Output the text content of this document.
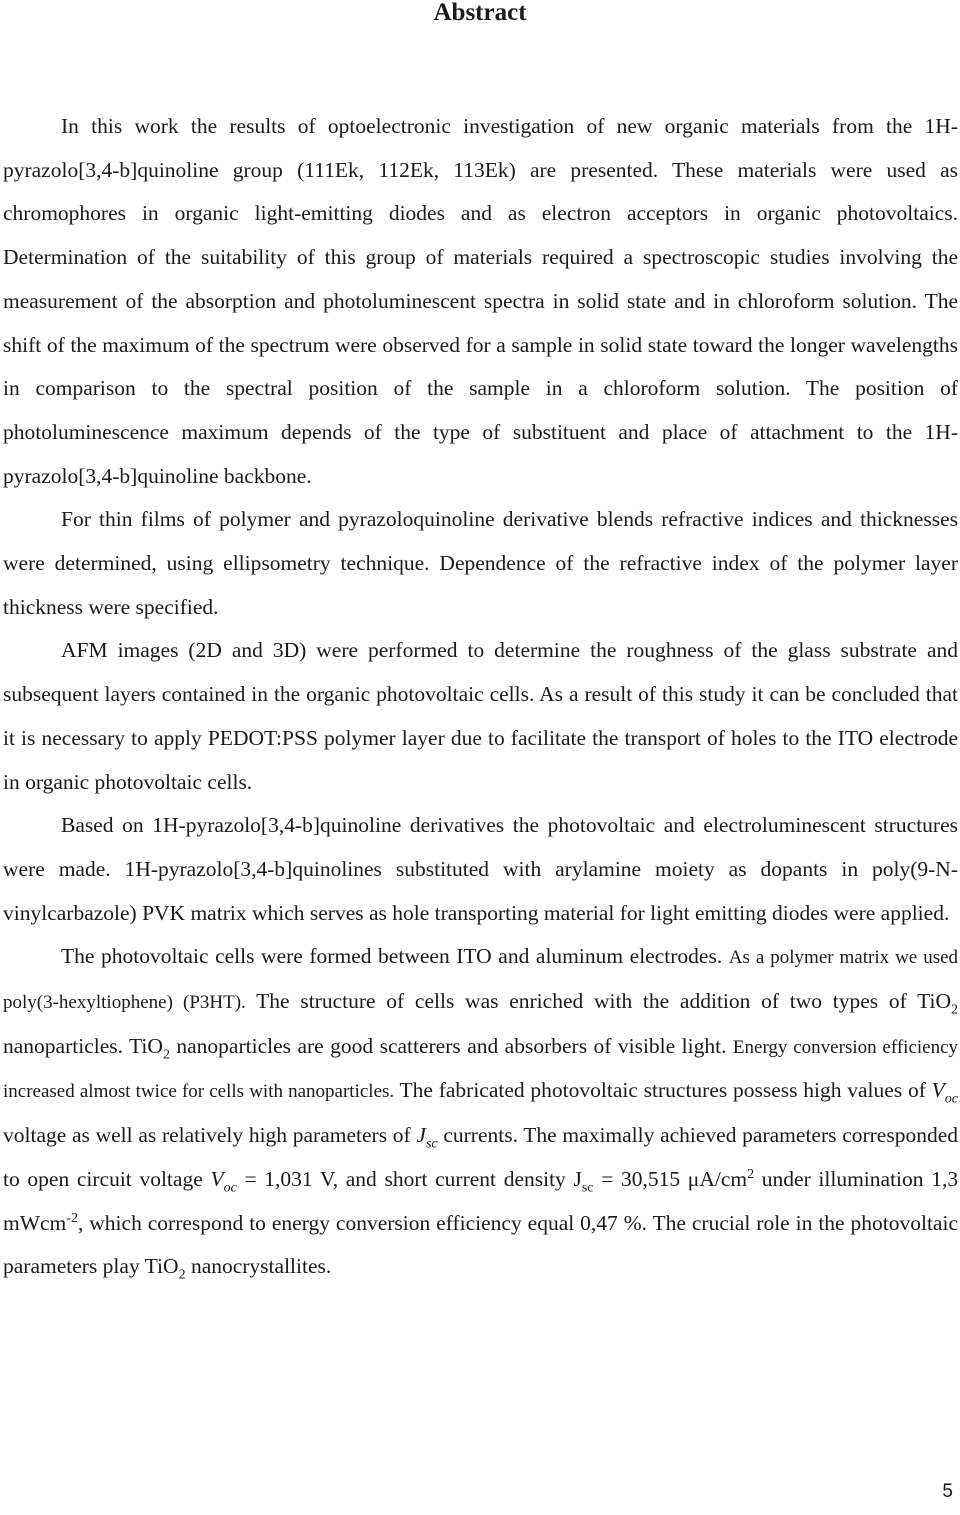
Abstract

In this work the results of optoelectronic investigation of new organic materials from the 1H-pyrazolo[3,4-b]quinoline group (111Ek, 112Ek, 113Ek) are presented. These materials were used as chromophores in organic light-emitting diodes and as electron acceptors in organic photovoltaics. Determination of the suitability of this group of materials required a spectroscopic studies involving the measurement of the absorption and photoluminescent spectra in solid state and in chloroform solution. The shift of the maximum of the spectrum were observed for a sample in solid state toward the longer wavelengths in comparison to the spectral position of the sample in a chloroform solution. The position of photoluminescence maximum depends of the type of substituent and place of attachment to the 1H-pyrazolo[3,4-b]quinoline backbone.

For thin films of polymer and pyrazoloquinoline derivative blends refractive indices and thicknesses were determined, using ellipsometry technique. Dependence of the refractive index of the polymer layer thickness were specified.

AFM images (2D and 3D) were performed to determine the roughness of the glass substrate and subsequent layers contained in the organic photovoltaic cells. As a result of this study it can be concluded that it is necessary to apply PEDOT:PSS polymer layer due to facilitate the transport of holes to the ITO electrode in organic photovoltaic cells.

Based on 1H-pyrazolo[3,4-b]quinoline derivatives the photovoltaic and electroluminescent structures were made. 1H-pyrazolo[3,4-b]quinolines substituted with arylamine moiety as dopants in poly(9-N-vinylcarbazole) PVK matrix which serves as hole transporting material for light emitting diodes were applied.

The photovoltaic cells were formed between ITO and aluminum electrodes. As a polymer matrix we used poly(3-hexyltiophene) (P3HT). The structure of cells was enriched with the addition of two types of TiO$_2$ nanoparticles. TiO$_2$ nanoparticles are good scatterers and absorbers of visible light. Energy conversion efficiency increased almost twice for cells with nanoparticles. The fabricated photovoltaic structures possess high values of $V_{oc}$ voltage as well as relatively high parameters of $J_{sc}$ currents. The maximally achieved parameters corresponded to open circuit voltage $V_{oc} = 1,031$ V, and short current density $J_{sc} = 30,515$ $\mu A/cm^2$ under illumination 1,3 mWcm$^{-2}$, which correspond to energy conversion efficiency equal 0,47 %. The crucial role in the photovoltaic parameters play TiO$_2$ nanocrystallites.

5
